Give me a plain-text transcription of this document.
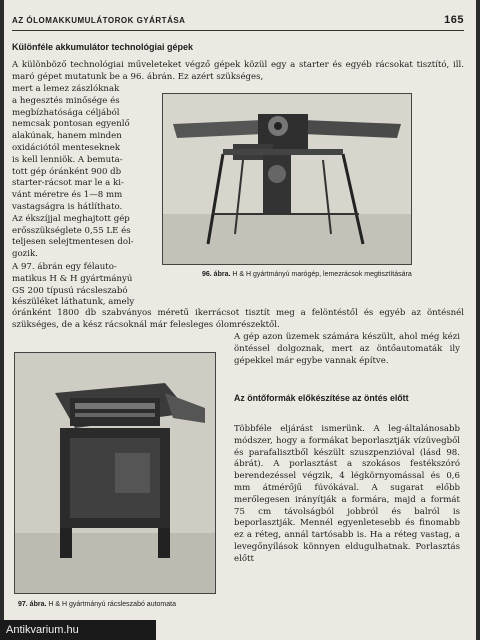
AZ ÓLOMAKKUMULÁTOROK GYÁRTÁSA	165
Különféle akkumulátor technológiai gépek

A különböző technológiai műveleteket végző gépek közül egy a starter és egyéb rácsokat tisztító, ill. maró gépet mutatunk be a 96. ábrán. Ez azért szükséges,

mert a lemez zászlóknak
a hegesztés minősége és
megbízhatósága céljából
nemcsak pontosan egyenlő
alakúnak, hanem minden
oxidációtól menteseknek
is kell lenniök. A bemuta-
tott gép óránként 900 db
starter-rácsot mar le a ki-
vánt méretre és 1—8 mm
vastagságra is hátlíthato.
Az ékszíjjal meghajtott gép
erősszükséglete 0,55 LE és
teljesen selejtmentesen dol-
gozik.
96. ábra. H & H gyártmányú marógép, lemezrácsok megtisztítására
A 97. ábrán egy félauto-
matikus H & H gyártmányú
GS 200 típusú rácsleszabó
készüléket láthatunk, amely

óránként 1800 db szabványos méretű ikerrácsot tisztít meg a felöntéstől és egyéb az öntésnél szükséges, de a kész rácsoknál már felesleges ólomrészektől.

97. ábra. H & H gyártmányú rácsleszabó automata

A gép azon üzemek számára készült, ahol még kézi öntéssel dolgoznak, mert az öntőautomaták ily gépekkel már egybe vannak építve.

Az öntőformák előkészítése az öntés előtt

Többféle eljárást ismerünk. A leg-általánosabb módszer, hogy a formákat beporlasztják vízüvegből és parafalisztből készült szuszpenzióval (lásd 98. ábrát). A porlasztást a szokásos festékszóró berendezéssel végzik, 4 légkörnyomással és 0,6 mm átmérőjű fúvókával. A sugarat előbb merőlegesen irányítják a formára, majd a formát 75 cm távolságból jobbról és balról is beporlasztják. Mennél egyenletesebb és finomabb ez a réteg, annál tartósabb is. Ha a réteg vastag, a levegőnyílások könnyen eldugulhatnak. Porlasztás előtt

Antikvarium.hu
